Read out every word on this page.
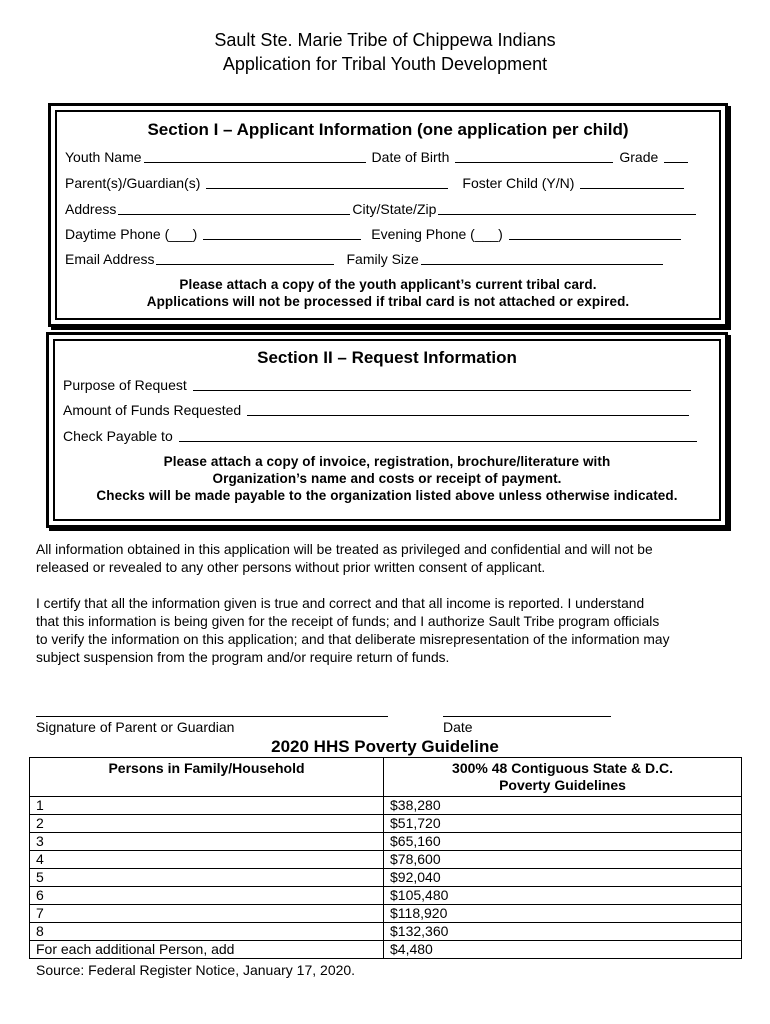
Sault Ste. Marie Tribe of Chippewa Indians
Application for Tribal Youth Development
Section I – Applicant Information (one application per child)
Youth Name	Date of Birth	Grade
Parent(s)/Guardian(s)	Foster Child (Y/N)
Address	City/State/Zip
Daytime Phone (___)	Evening Phone (___)
Email Address	Family Size
Please attach a copy of the youth applicant’s current tribal card.
Applications will not be processed if tribal card is not attached or expired.
Section II – Request Information
Purpose of Request
Amount of Funds Requested
Check Payable to
Please attach a copy of invoice, registration, brochure/literature with
Organization’s name and costs or receipt of payment.
Checks will be made payable to the organization listed above unless otherwise indicated.
All information obtained in this application will be treated as privileged and confidential and will not be
released or revealed to any other persons without prior written consent of applicant.
I certify that all the information given is true and correct and that all income is reported. I understand
that this information is being given for the receipt of funds; and I authorize Sault Tribe program officials
to verify the information on this application; and that deliberate misrepresentation of the information may
subject suspension from the program and/or require return of funds.
Signature of Parent or Guardian	Date
2020 HHS Poverty Guideline
Persons in Family/Household	300% 48 Contiguous State & D.C.
Poverty Guidelines

1	$38,280
2	$51,720
3	$65,160
4	$78,600
5	$92,040
6	$105,480
7	$118,920
8	$132,360
For each additional Person, add	$4,480
Source: Federal Register Notice, January 17, 2020.
